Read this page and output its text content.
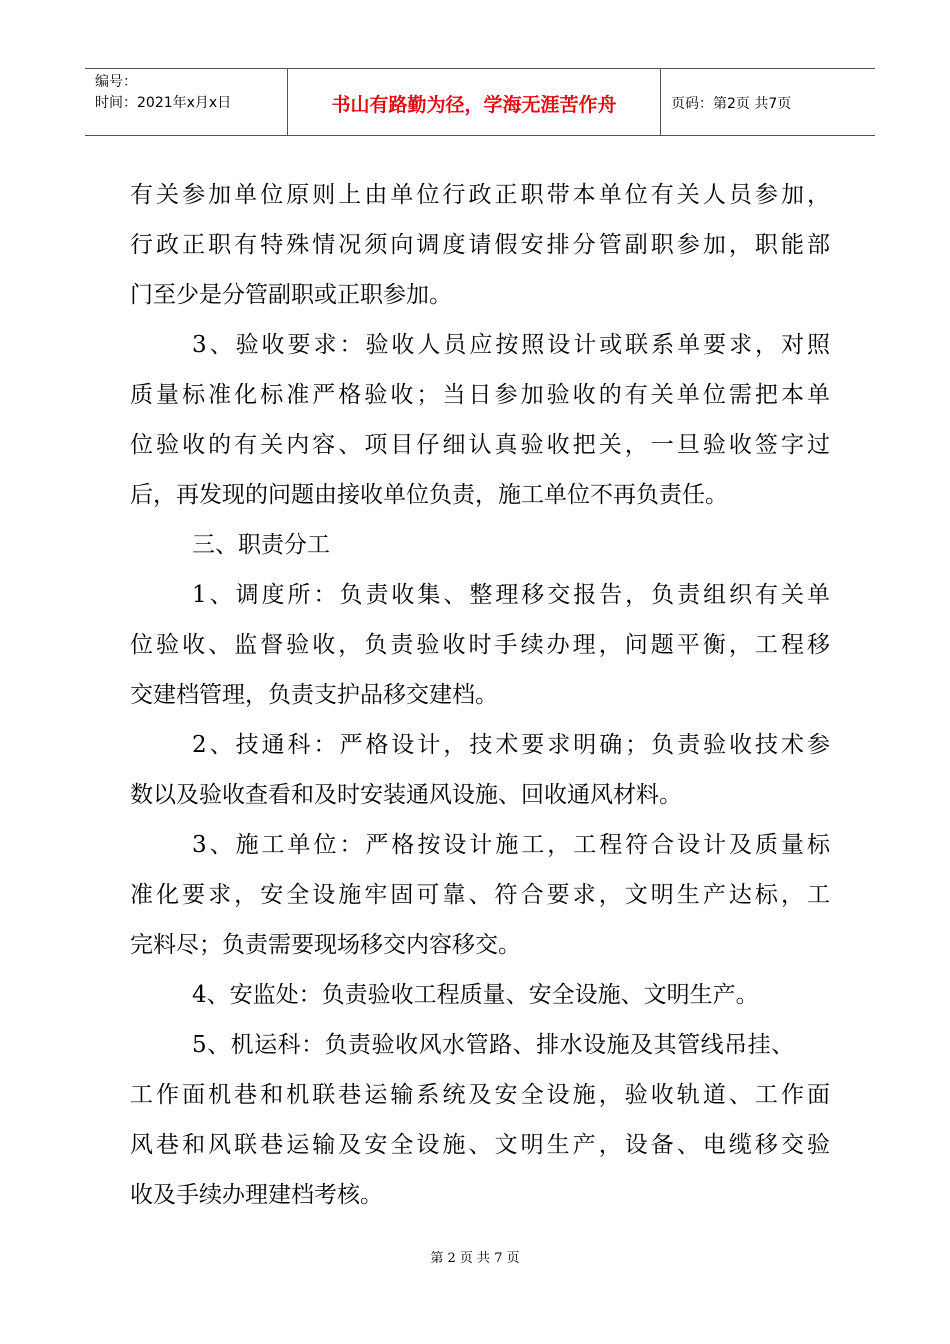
编号：
时间：2021年x月x日	书山有路勤为径，学海无涯苦作舟	页码：第2页 共7页
有关参加单位原则上由单位行政正职带本单位有关人员参加，
行政正职有特殊情况须向调度请假安排分管副职参加，职能部
门至少是分管副职或正职参加。
3、验收要求：验收人员应按照设计或联系单要求，对照
质量标准化标准严格验收；当日参加验收的有关单位需把本单
位验收的有关内容、项目仔细认真验收把关，一旦验收签字过
后，再发现的问题由接收单位负责，施工单位不再负责任。
三、职责分工
1、调度所：负责收集、整理移交报告，负责组织有关单
位验收、监督验收，负责验收时手续办理，问题平衡，工程移
交建档管理，负责支护品移交建档。
2、技通科：严格设计，技术要求明确；负责验收技术参
数以及验收查看和及时安装通风设施、回收通风材料。
3、施工单位：严格按设计施工，工程符合设计及质量标
准化要求，安全设施牢固可靠、符合要求，文明生产达标，工
完料尽；负责需要现场移交内容移交。
4、安监处：负责验收工程质量、安全设施、文明生产。
5、机运科：负责验收风水管路、排水设施及其管线吊挂、
工作面机巷和机联巷运输系统及安全设施，验收轨道、工作面
风巷和风联巷运输及安全设施、文明生产，设备、电缆移交验
收及手续办理建档考核。
第 2 页 共 7 页
